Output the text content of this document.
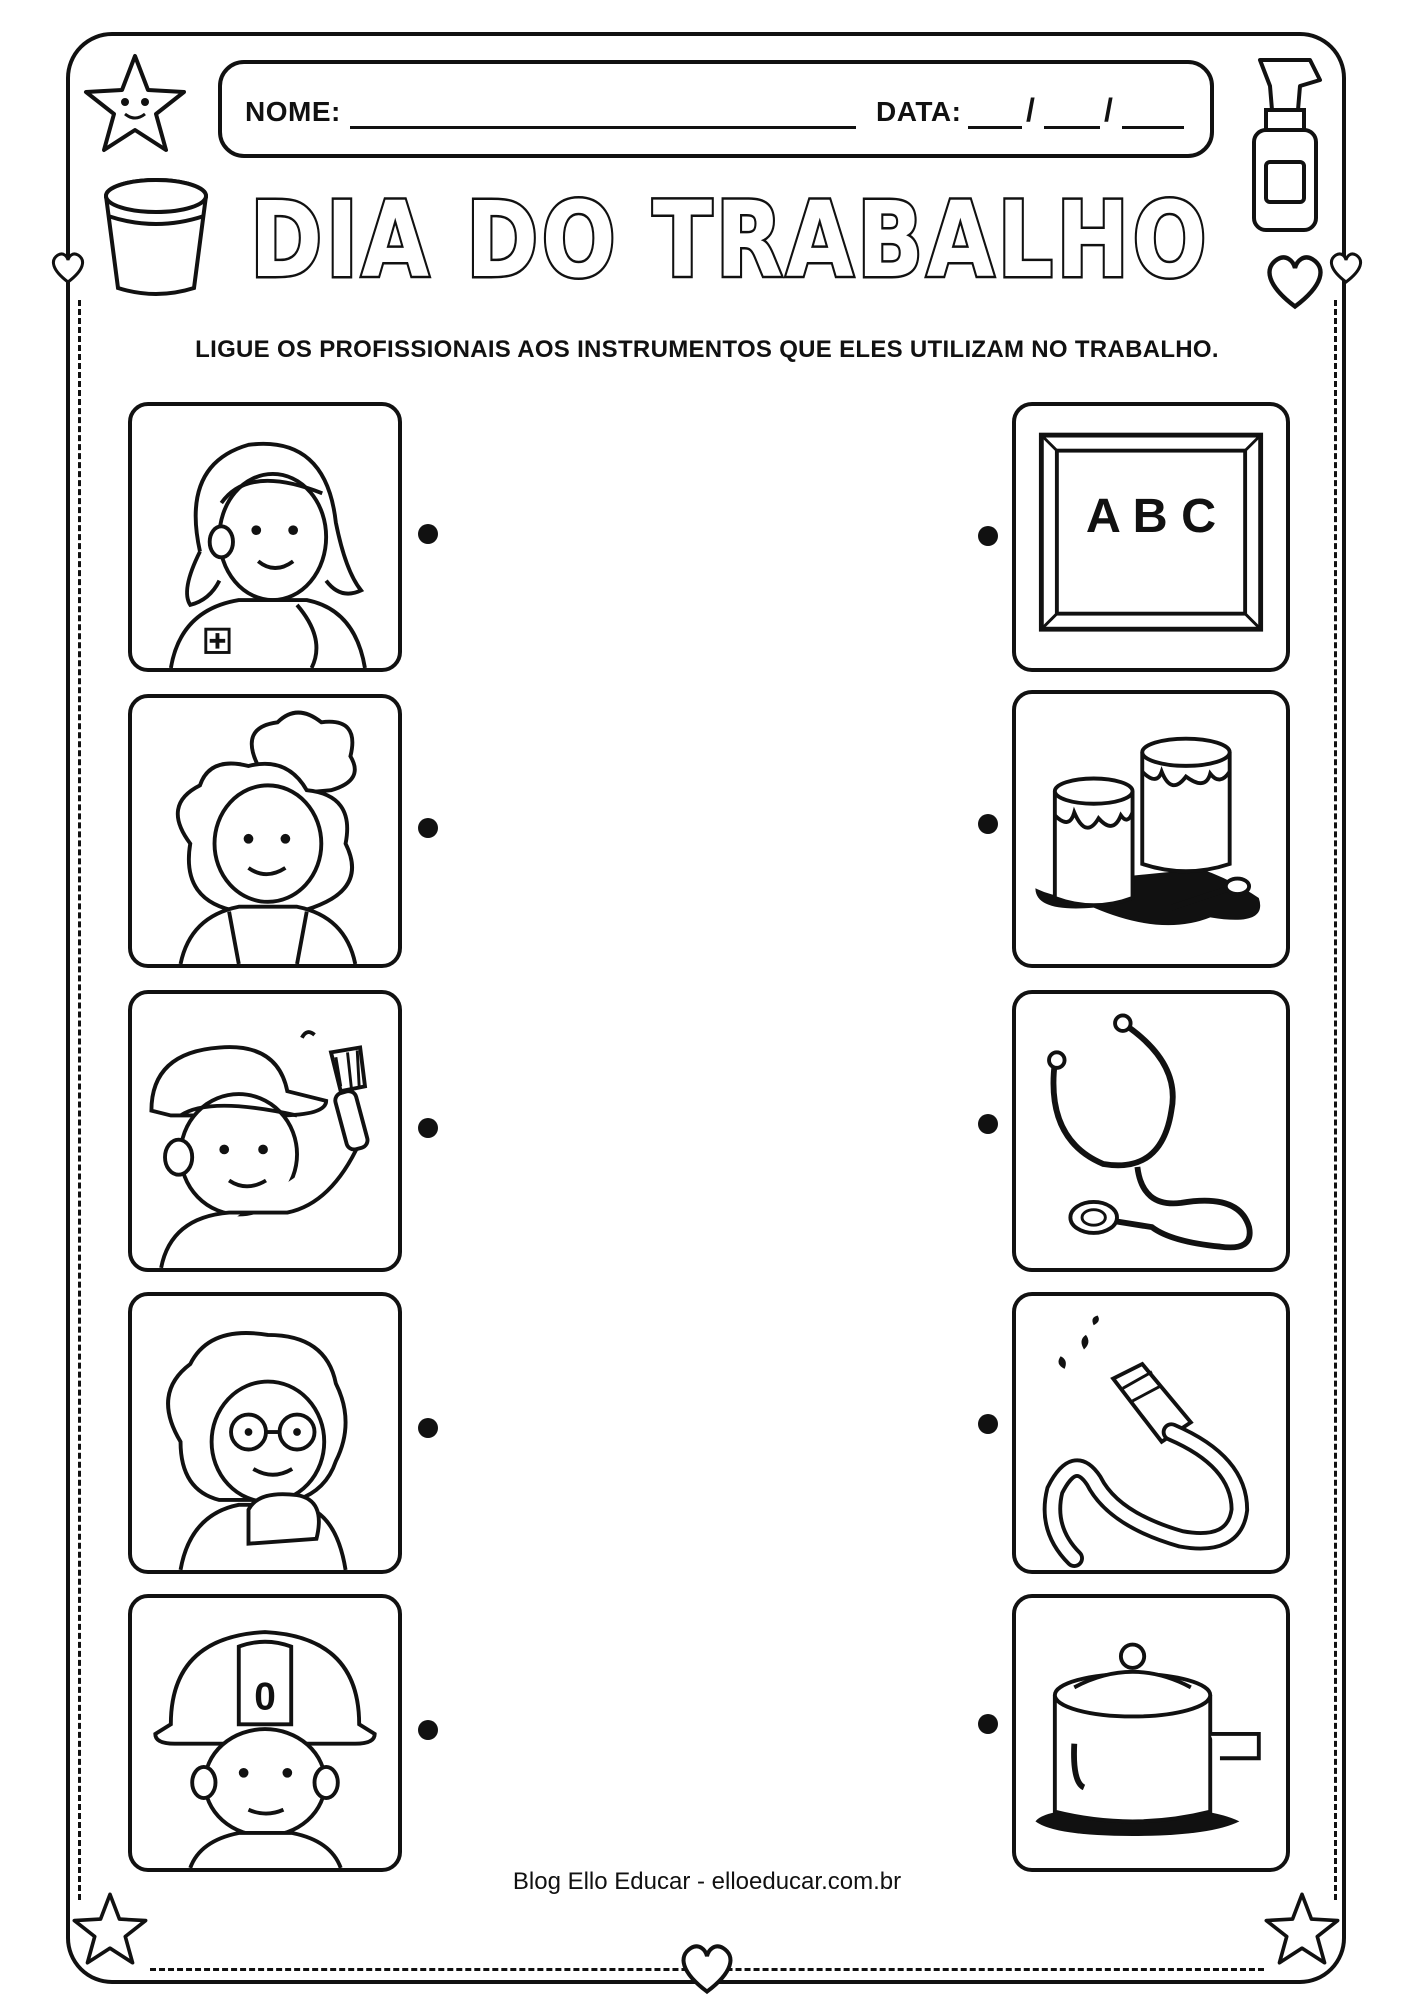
NOME:	DATA: / /
DIA DO TRABALHO
LIGUE OS PROFISSIONAIS AOS INSTRUMENTOS QUE ELES UTILIZAM NO TRABALHO.
0
A B C
Blog Ello Educar - elloeducar.com.br
